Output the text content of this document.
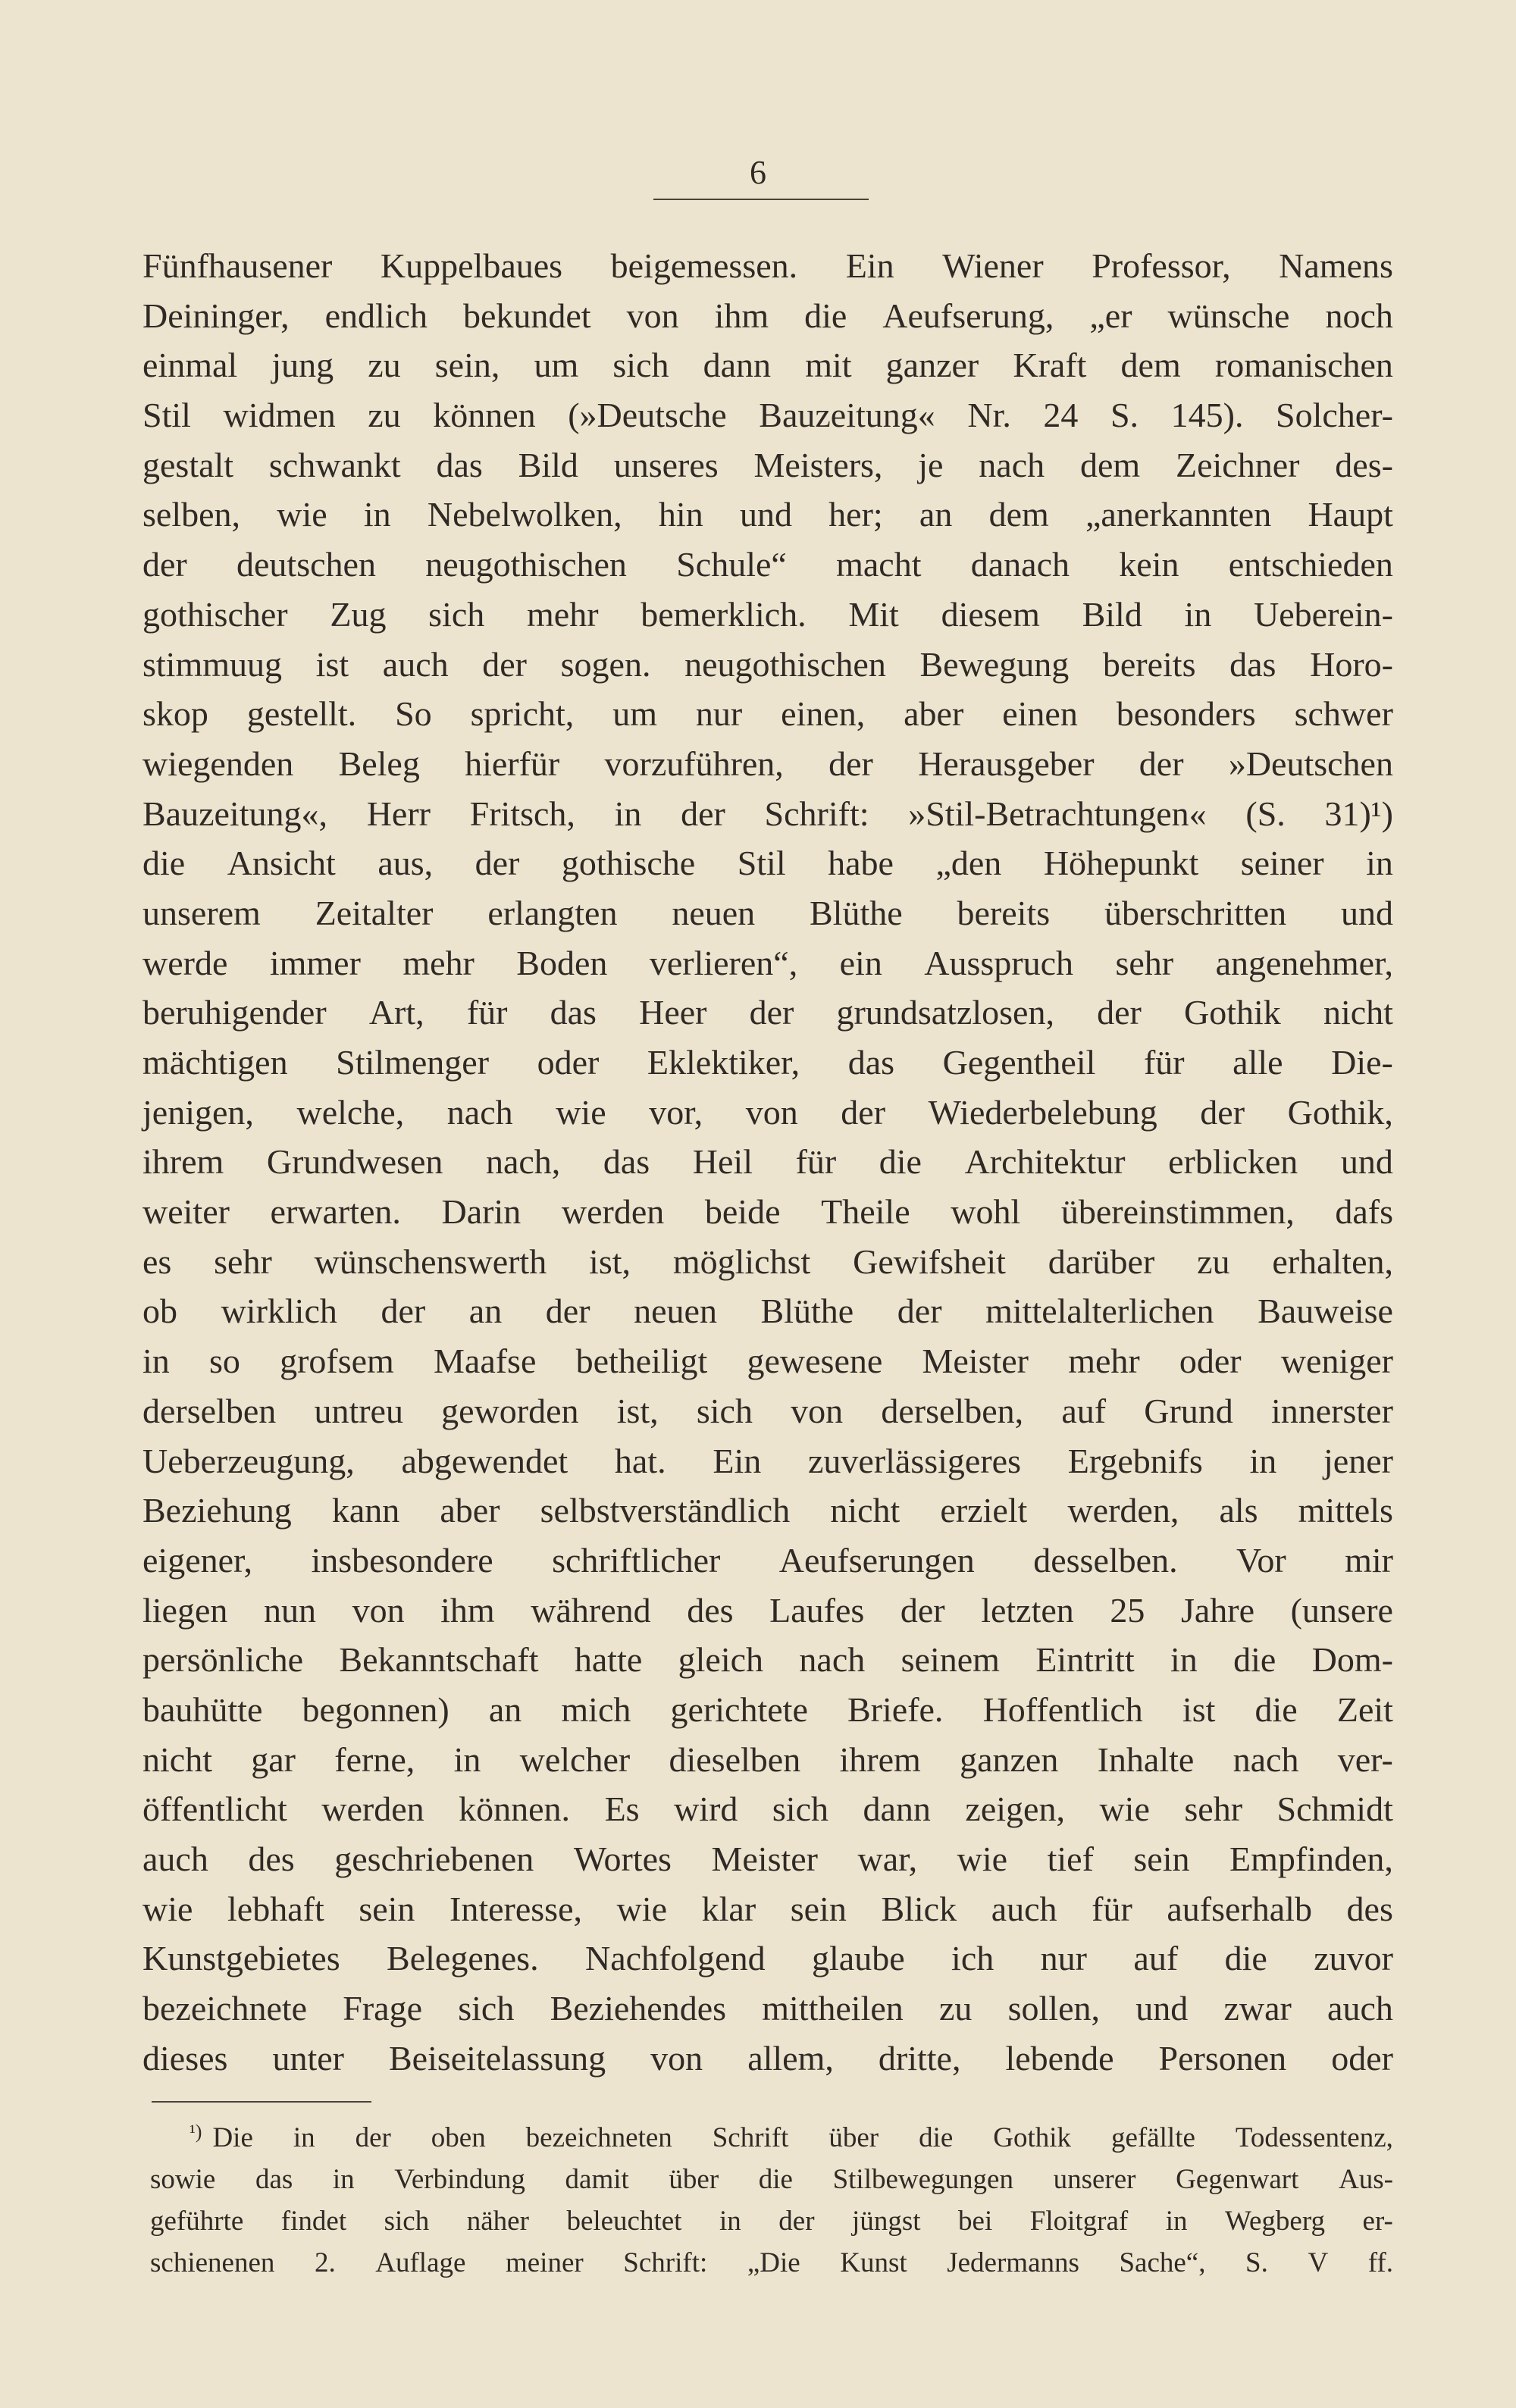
6
Fünfhausener Kuppelbaues beigemessen. Ein Wiener Professor, Namens
Deininger, endlich bekundet von ihm die Aeufserung, „er wünsche noch
einmal jung zu sein, um sich dann mit ganzer Kraft dem romanischen
Stil widmen zu können (»Deutsche Bauzeitung« Nr. 24 S. 145). Solcher-
gestalt schwankt das Bild unseres Meisters, je nach dem Zeichner des-
selben, wie in Nebelwolken, hin und her; an dem „anerkannten Haupt
der deutschen neugothischen Schule“ macht danach kein entschieden
gothischer Zug sich mehr bemerklich. Mit diesem Bild in Ueberein-
stimmuug ist auch der sogen. neugothischen Bewegung bereits das Horo-
skop gestellt. So spricht, um nur einen, aber einen besonders schwer
wiegenden Beleg hierfür vorzuführen, der Herausgeber der »Deutschen
Bauzeitung«, Herr Fritsch, in der Schrift: »Stil-Betrachtungen« (S. 31)¹)
die Ansicht aus, der gothische Stil habe „den Höhepunkt seiner in
unserem Zeitalter erlangten neuen Blüthe bereits überschritten und
werde immer mehr Boden verlieren“, ein Ausspruch sehr angenehmer,
beruhigender Art, für das Heer der grundsatzlosen, der Gothik nicht
mächtigen Stilmenger oder Eklektiker, das Gegentheil für alle Die-
jenigen, welche, nach wie vor, von der Wiederbelebung der Gothik,
ihrem Grundwesen nach, das Heil für die Architektur erblicken und
weiter erwarten. Darin werden beide Theile wohl übereinstimmen, dafs
es sehr wünschenswerth ist, möglichst Gewifsheit darüber zu erhalten,
ob wirklich der an der neuen Blüthe der mittelalterlichen Bauweise
in so grofsem Maafse betheiligt gewesene Meister mehr oder weniger
derselben untreu geworden ist, sich von derselben, auf Grund innerster
Ueberzeugung, abgewendet hat. Ein zuverlässigeres Ergebnifs in jener
Beziehung kann aber selbstverständlich nicht erzielt werden, als mittels
eigener, insbesondere schriftlicher Aeufserungen desselben. Vor mir
liegen nun von ihm während des Laufes der letzten 25 Jahre (unsere
persönliche Bekanntschaft hatte gleich nach seinem Eintritt in die Dom-
bauhütte begonnen) an mich gerichtete Briefe. Hoffentlich ist die Zeit
nicht gar ferne, in welcher dieselben ihrem ganzen Inhalte nach ver-
öffentlicht werden können. Es wird sich dann zeigen, wie sehr Schmidt
auch des geschriebenen Wortes Meister war, wie tief sein Empfinden,
wie lebhaft sein Interesse, wie klar sein Blick auch für aufserhalb des
Kunstgebietes Belegenes. Nachfolgend glaube ich nur auf die zuvor
bezeichnete Frage sich Beziehendes mittheilen zu sollen, und zwar auch
dieses unter Beiseitelassung von allem, dritte, lebende Personen oder
¹) Die in der oben bezeichneten Schrift über die Gothik gefällte Todessentenz,
sowie das in Verbindung damit über die Stilbewegungen unserer Gegenwart Aus-
geführte findet sich näher beleuchtet in der jüngst bei Floitgraf in Wegberg er-
schienenen 2. Auflage meiner Schrift: „Die Kunst Jedermanns Sache“, S. V ff.
